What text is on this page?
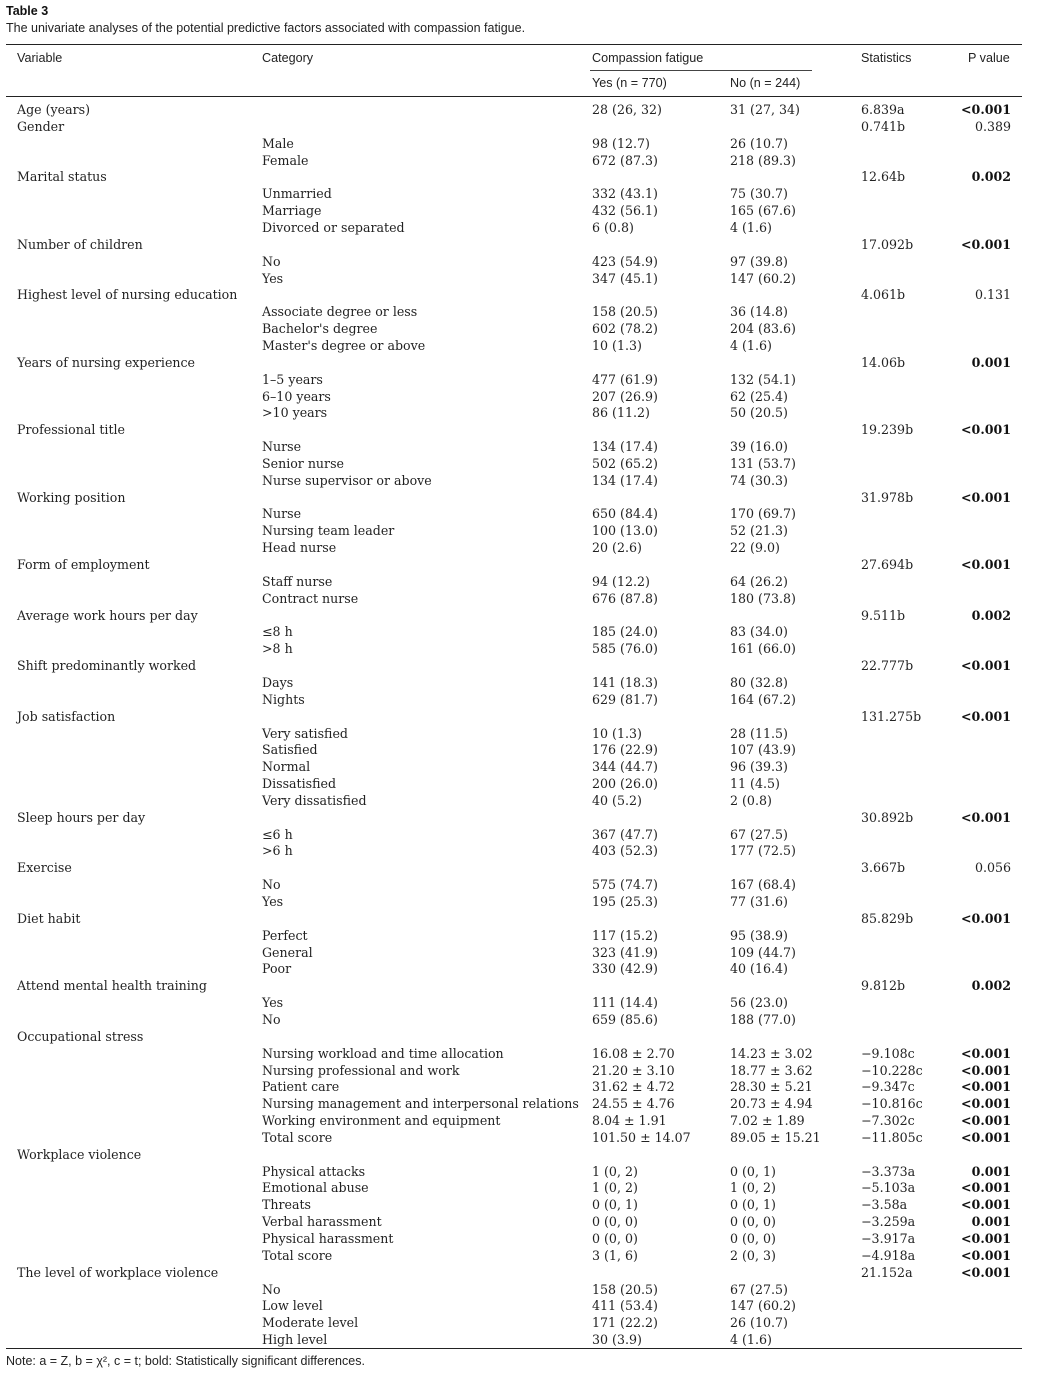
Table 3
The univariate analyses of the potential predictive factors associated with compassion fatigue.
Variable	Category	Compassion fatigue	Statistics	P value
Yes (n = 770)	No (n = 244)
Age (years)	28 (26, 32)	31 (27, 34)	6.839a	<0.001
Gender	0.741b	0.389
Male	98 (12.7)	26 (10.7)
Female	672 (87.3)	218 (89.3)
Marital status	12.64b	0.002
Unmarried	332 (43.1)	75 (30.7)
Marriage	432 (56.1)	165 (67.6)
Divorced or separated	6 (0.8)	4 (1.6)
Number of children	17.092b	<0.001
No	423 (54.9)	97 (39.8)
Yes	347 (45.1)	147 (60.2)
Highest level of nursing education	4.061b	0.131
Associate degree or less	158 (20.5)	36 (14.8)
Bachelor's degree	602 (78.2)	204 (83.6)
Master's degree or above	10 (1.3)	4 (1.6)
Years of nursing experience	14.06b	0.001
1–5 years	477 (61.9)	132 (54.1)
6–10 years	207 (26.9)	62 (25.4)
>10 years	86 (11.2)	50 (20.5)
Professional title	19.239b	<0.001
Nurse	134 (17.4)	39 (16.0)
Senior nurse	502 (65.2)	131 (53.7)
Nurse supervisor or above	134 (17.4)	74 (30.3)
Working position	31.978b	<0.001
Nurse	650 (84.4)	170 (69.7)
Nursing team leader	100 (13.0)	52 (21.3)
Head nurse	20 (2.6)	22 (9.0)
Form of employment	27.694b	<0.001
Staff nurse	94 (12.2)	64 (26.2)
Contract nurse	676 (87.8)	180 (73.8)
Average work hours per day	9.511b	0.002
≤8 h	185 (24.0)	83 (34.0)
>8 h	585 (76.0)	161 (66.0)
Shift predominantly worked	22.777b	<0.001
Days	141 (18.3)	80 (32.8)
Nights	629 (81.7)	164 (67.2)
Job satisfaction	131.275b	<0.001
Very satisfied	10 (1.3)	28 (11.5)
Satisfied	176 (22.9)	107 (43.9)
Normal	344 (44.7)	96 (39.3)
Dissatisfied	200 (26.0)	11 (4.5)
Very dissatisfied	40 (5.2)	2 (0.8)
Sleep hours per day	30.892b	<0.001
≤6 h	367 (47.7)	67 (27.5)
>6 h	403 (52.3)	177 (72.5)
Exercise	3.667b	0.056
No	575 (74.7)	167 (68.4)
Yes	195 (25.3)	77 (31.6)
Diet habit	85.829b	<0.001
Perfect	117 (15.2)	95 (38.9)
General	323 (41.9)	109 (44.7)
Poor	330 (42.9)	40 (16.4)
Attend mental health training	9.812b	0.002
Yes	111 (14.4)	56 (23.0)
No	659 (85.6)	188 (77.0)
Occupational stress
Nursing workload and time allocation	16.08 ± 2.70	14.23 ± 3.02	−9.108c	<0.001
Nursing professional and work	21.20 ± 3.10	18.77 ± 3.62	−10.228c	<0.001
Patient care	31.62 ± 4.72	28.30 ± 5.21	−9.347c	<0.001
Nursing management and interpersonal relations 24.55 ± 4.76	20.73 ± 4.94	−10.816c	<0.001
Working environment and equipment	8.04 ± 1.91	7.02 ± 1.89	−7.302c	<0.001
Total score	101.50 ± 14.07	89.05 ± 15.21	−11.805c	<0.001
Workplace violence
Physical attacks	1 (0, 2)	0 (0, 1)	−3.373a	0.001
Emotional abuse	1 (0, 2)	1 (0, 2)	−5.103a	<0.001
Threats	0 (0, 1)	0 (0, 1)	−3.58a	<0.001
Verbal harassment	0 (0, 0)	0 (0, 0)	−3.259a	0.001
Physical harassment	0 (0, 0)	0 (0, 0)	−3.917a	<0.001
Total score	3 (1, 6)	2 (0, 3)	−4.918a	<0.001
The level of workplace violence	21.152a	<0.001
No	158 (20.5)	67 (27.5)
Low level	411 (53.4)	147 (60.2)
Moderate level	171 (22.2)	26 (10.7)
High level	30 (3.9)	4 (1.6)
Note: a = Z, b = χ², c = t; bold: Statistically significant differences.
